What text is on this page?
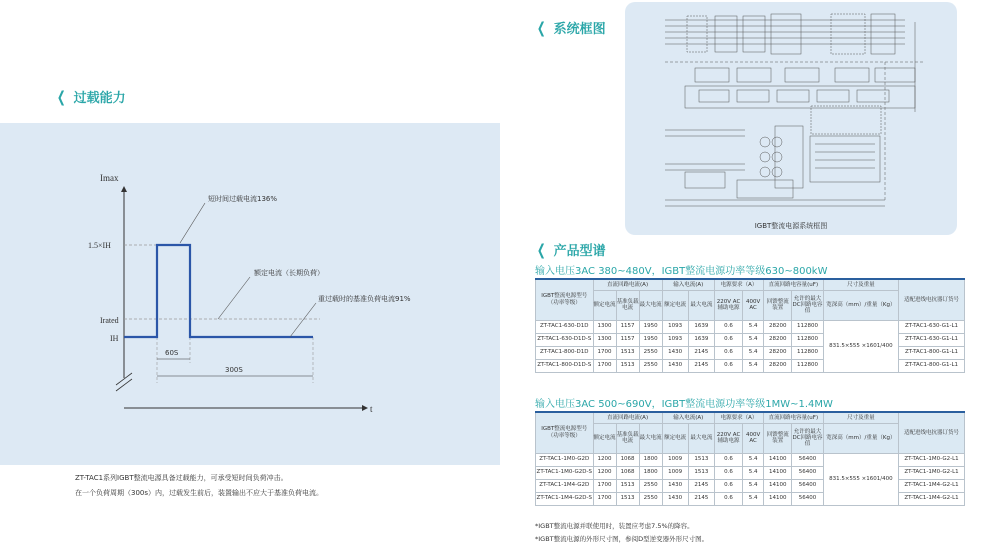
❮ 过载能力
Imax
t
1.5×IH
Irated
IH
60S
300S
短时间过载电流136%
额定电流（长期负荷）
重过载时的基准负荷电流91%
ZT-TAC1系列IGBT整流电源具备过载能力，可承受短时间负荷冲击。
在一个负荷周期（300s）内，过载发生前后，装置输出不应大于基准负荷电流。
❮ 系统框图
IGBT整流电源系统框图
❮ 产品型谱
输入电压3AC 380~480V，IGBT整流电源功率等级630~800kW
IGBT整流电源型号（功率等级）	直流回路电流(A)			输入电流(A)		电源要求（A）		直流回路电容量(uF)		尺寸及重量	适配进线电抗器订货号
	额定电流	基准负载电流	最大电流	额定电流	最大电流	220V AC辅助电源	400V AC	回馈整流装置	允许的最大DC回路电容值	宽深高（mm）/重量（Kg）	
ZT-TAC1-630-D1D	1300	1157	1950	1093	1639	0.6	5.4	28200	112800	831.5×555 ×1601/400	ZT-TAC1-630-G1-L1
ZT-TAC1-630-D1D-S	1300	1157	1950	1093	1639	0.6	5.4	28200	112800		ZT-TAC1-630-G1-L1
ZT-TAC1-800-D1D	1700	1513	2550	1430	2145	0.6	5.4	28200	112800		ZT-TAC1-800-G1-L1
ZT-TAC1-800-D1D-S	1700	1513	2550	1430	2145	0.6	5.4	28200	112800		ZT-TAC1-800-G1-L1
输入电压3AC 500~690V，IGBT整流电源功率等级1MW~1.4MW
IGBT整流电源型号（功率等级）	直流回路电流(A)			输入电流(A)		电源要求（A）		直流回路电容量(uF)		尺寸及重量	适配进线电抗器订货号
	额定电流	基准负载电流	最大电流	额定电流	最大电流	220V AC辅助电源	400V AC	回馈整流装置	允许的最大DC回路电容值	宽深高（mm）/重量（Kg）	
ZT-TAC1-1M0-G2D	1200	1068	1800	1009	1513	0.6	5.4	14100	56400	831.5×555 ×1601/400	ZT-TAC1-1M0-G2-L1
ZT-TAC1-1M0-G2D-S	1200	1068	1800	1009	1513	0.6	5.4	14100	56400		ZT-TAC1-1M0-G2-L1
ZT-TAC1-1M4-G2D	1700	1513	2550	1430	2145	0.6	5.4	14100	56400		ZT-TAC1-1M4-G2-L1
ZT-TAC1-1M4-G2D-S	1700	1513	2550	1430	2145	0.6	5.4	14100	56400		ZT-TAC1-1M4-G2-L1
*IGBT整流电源并联使用时，装置应考虑7.5%的降容。
*IGBT整流电源的外形尺寸图，参阅D型逆变器外形尺寸图。
